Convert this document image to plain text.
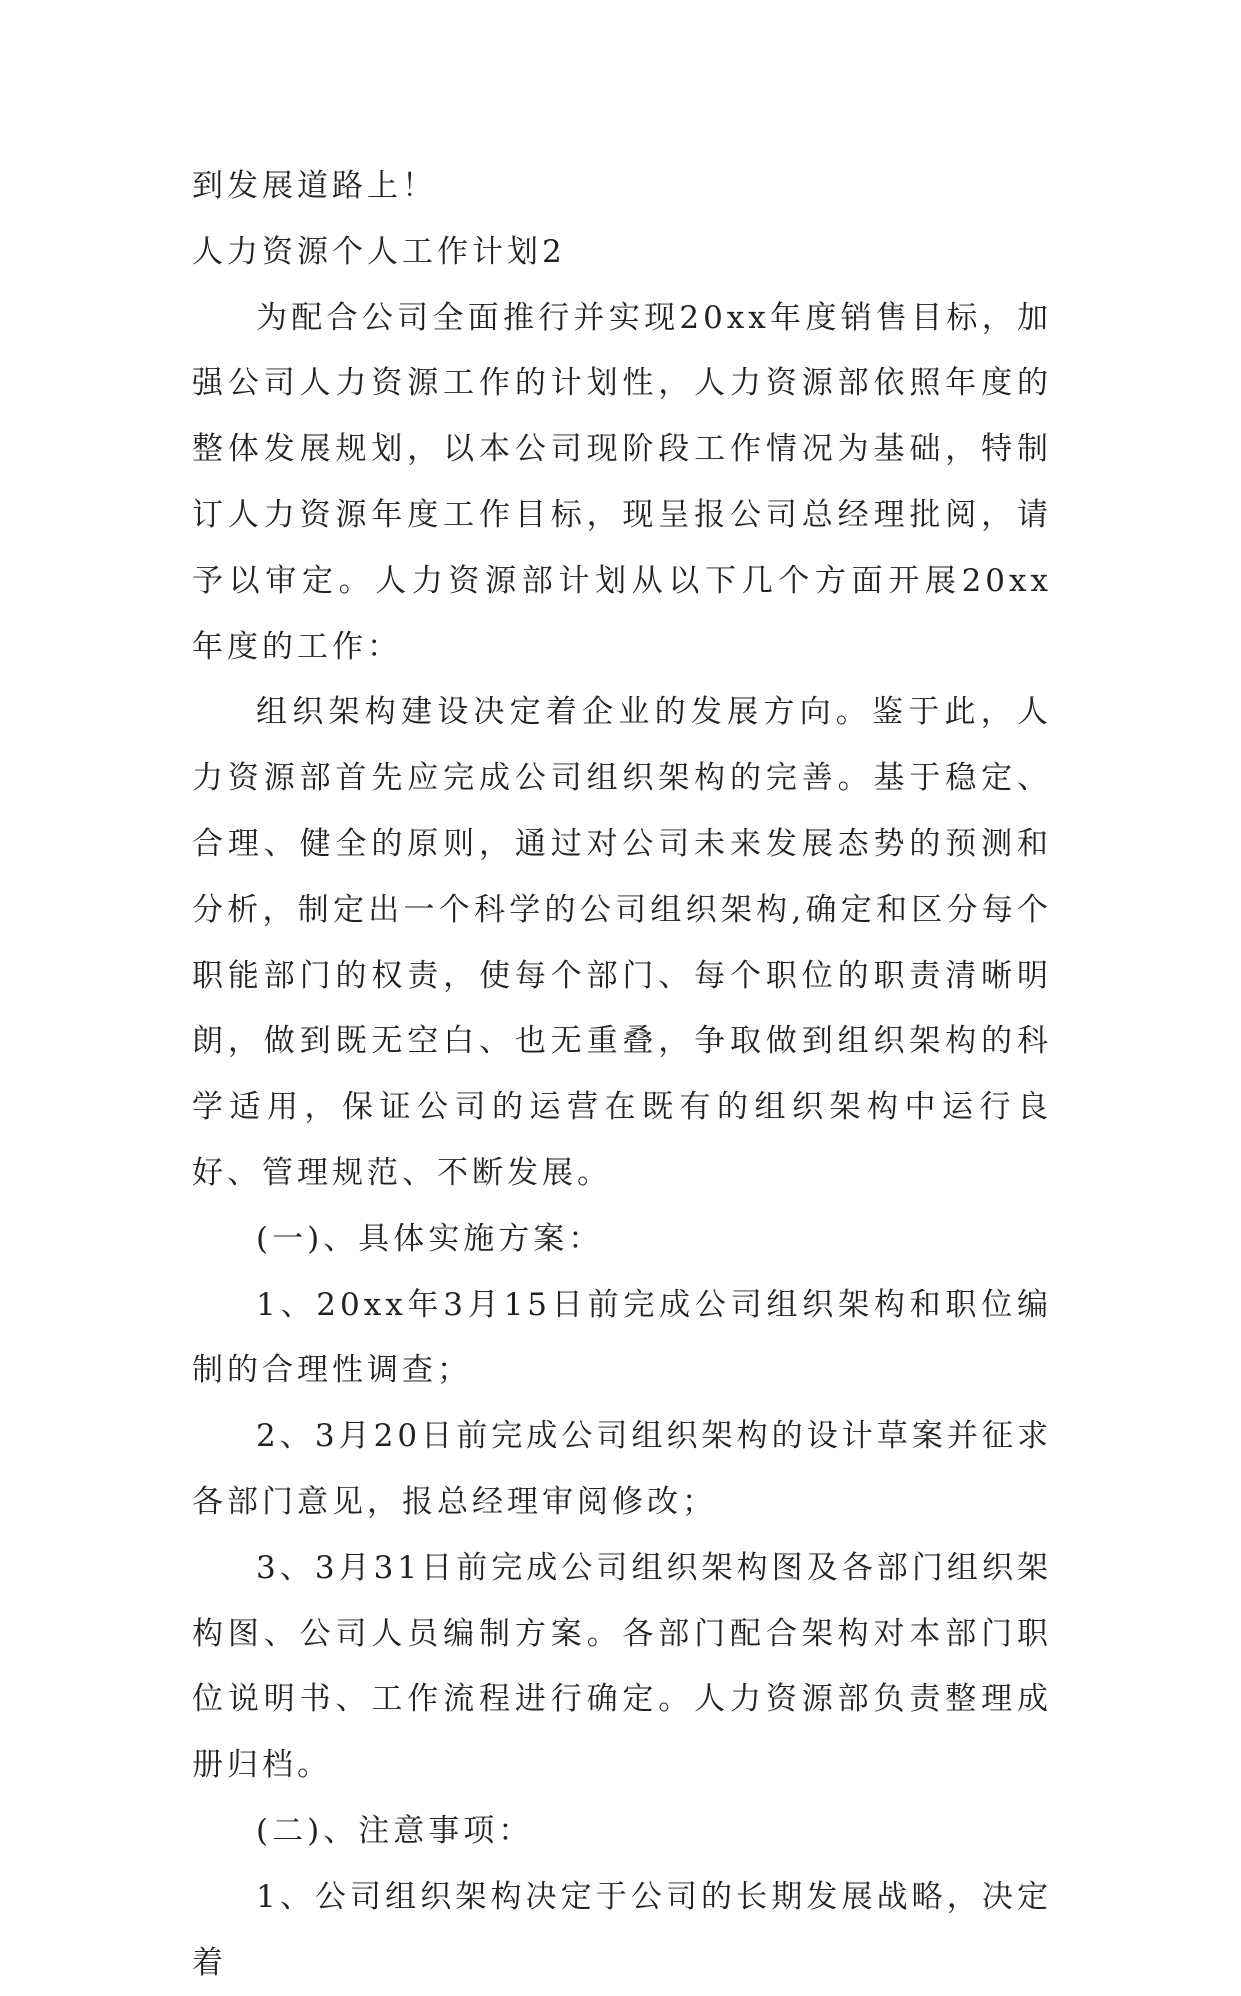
到发展道路上！

人力资源个人工作计划2

为配合公司全面推行并实现20xx年度销售目标，加强公司人力资源工作的计划性，人力资源部依照年度的整体发展规划，以本公司现阶段工作情况为基础，特制订人力资源年度工作目标，现呈报公司总经理批阅，请予以审定。人力资源部计划从以下几个方面开展20xx年度的工作：

组织架构建设决定着企业的发展方向。鉴于此，人力资源部首先应完成公司组织架构的完善。基于稳定、合理、健全的原则，通过对公司未来发展态势的预测和分析，制定出一个科学的公司组织架构,确定和区分每个职能部门的权责，使每个部门、每个职位的职责清晰明朗，做到既无空白、也无重叠，争取做到组织架构的科学适用，保证公司的运营在既有的组织架构中运行良好、管理规范、不断发展。

(一)、具体实施方案：

1、20xx年3月15日前完成公司组织架构和职位编制的合理性调查；

2、3月20日前完成公司组织架构的设计草案并征求各部门意见，报总经理审阅修改；

3、3月31日前完成公司组织架构图及各部门组织架构图、公司人员编制方案。各部门配合架构对本部门职位说明书、工作流程进行确定。人力资源部负责整理成册归档。

(二)、注意事项：

1、公司组织架构决定于公司的长期发展战略，决定着
